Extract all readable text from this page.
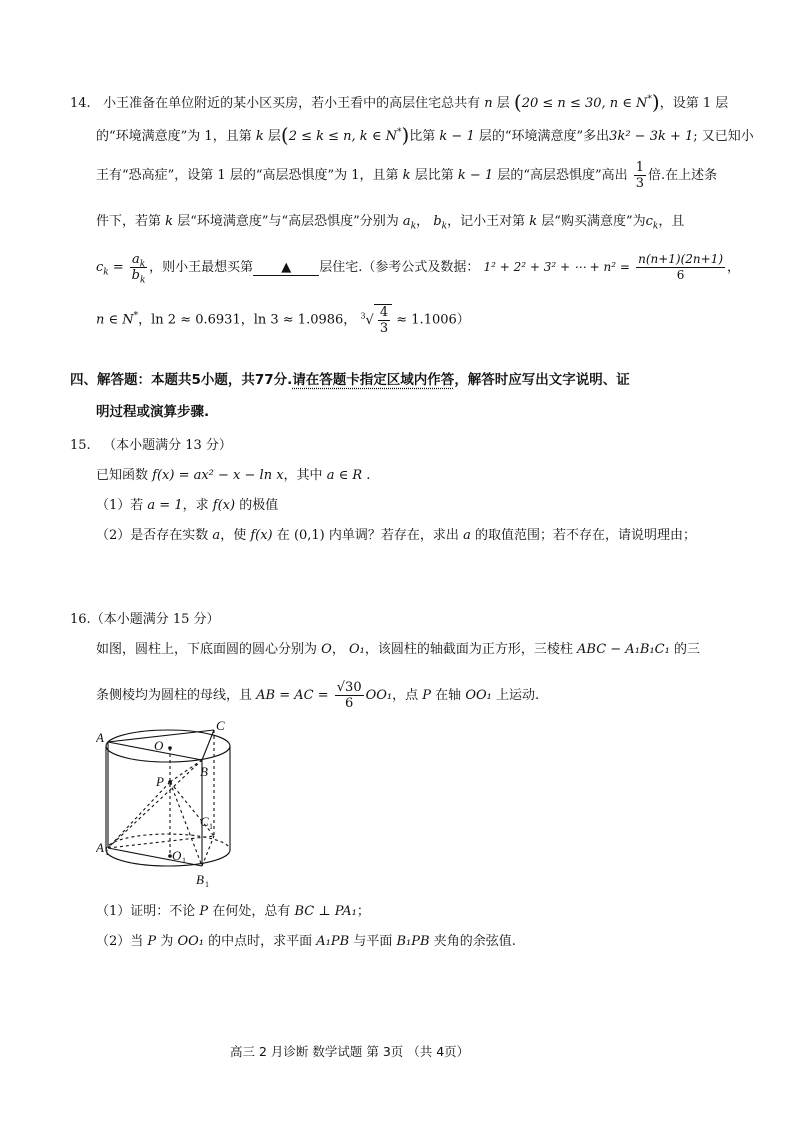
14. 小王准备在单位附近的某小区买房，若小王看中的高层住宅总共有 n 层 (20 ≤ n ≤ 30, n ∈ N*)，设第 1 层
的“环境满意度”为 1，且第 k 层(2 ≤ k ≤ n, k ∈ N*)比第 k − 1 层的“环境满意度”多出3k² − 3k + 1; 又已知小
王有“恐高症”，设第 1 层的“高层恐惧度”为 1，且第 k 层比第 k − 1 层的“高层恐惧度”高出 $\frac{1}{3}$ 倍.在上述条
件下，若第 k 层“环境满意度”与“高层恐惧度”分别为 $a_k$， $b_k$，记小王对第 k 层“购买满意度”为$c_k$，且
$c_k = \frac{a_k}{b_k}$ ，则小王最想买第 ▲ 层住宅.（参考公式及数据： 1² + 2² + 3² + ⋯ + $n^2 = \frac{n(n+1)(2n+1)}{6}$ ，
n ∈ N*，ln 2 ≈ 0.6931，ln 3 ≈ 1.0986， $^3√ \frac{4}{3} \approx 1.1006$）
四、解答题：本题共5小题，共77分.请在答题卡指定区域内作答，解答时应写出文字说明、证
明过程或演算步骤.
15. （本小题满分 13 分）
已知函数 f(x) = ax² − x − ln x，其中 a ∈ R .
（1）若 a = 1，求 f(x) 的极值
（2）是否存在实数 a，使 f(x) 在 (0,1) 内单调？若存在，求出 a 的取值范围；若不存在，请说明理由；
16.（本小题满分 15 分）
如图，圆柱上，下底面圆的圆心分别为 O， O₁，该圆柱的轴截面为正方形，三棱柱 ABC − A₁B₁C₁ 的三
条侧棱均为圆柱的母线，且 AB = AC = $\frac{√30}{6} OO_1$，点 P 在轴 OO₁ 上运动.
A
O
C
P
B
C
A
O
B
1
1
1
1
（1）证明：不论 P 在何处，总有 BC ⊥ PA₁；
（2）当 P 为 OO₁ 的中点时，求平面 A₁PB 与平面 B₁PB 夹角的余弦值.
高三 2 月诊断 数学试题 第 3页 （共 4页）
